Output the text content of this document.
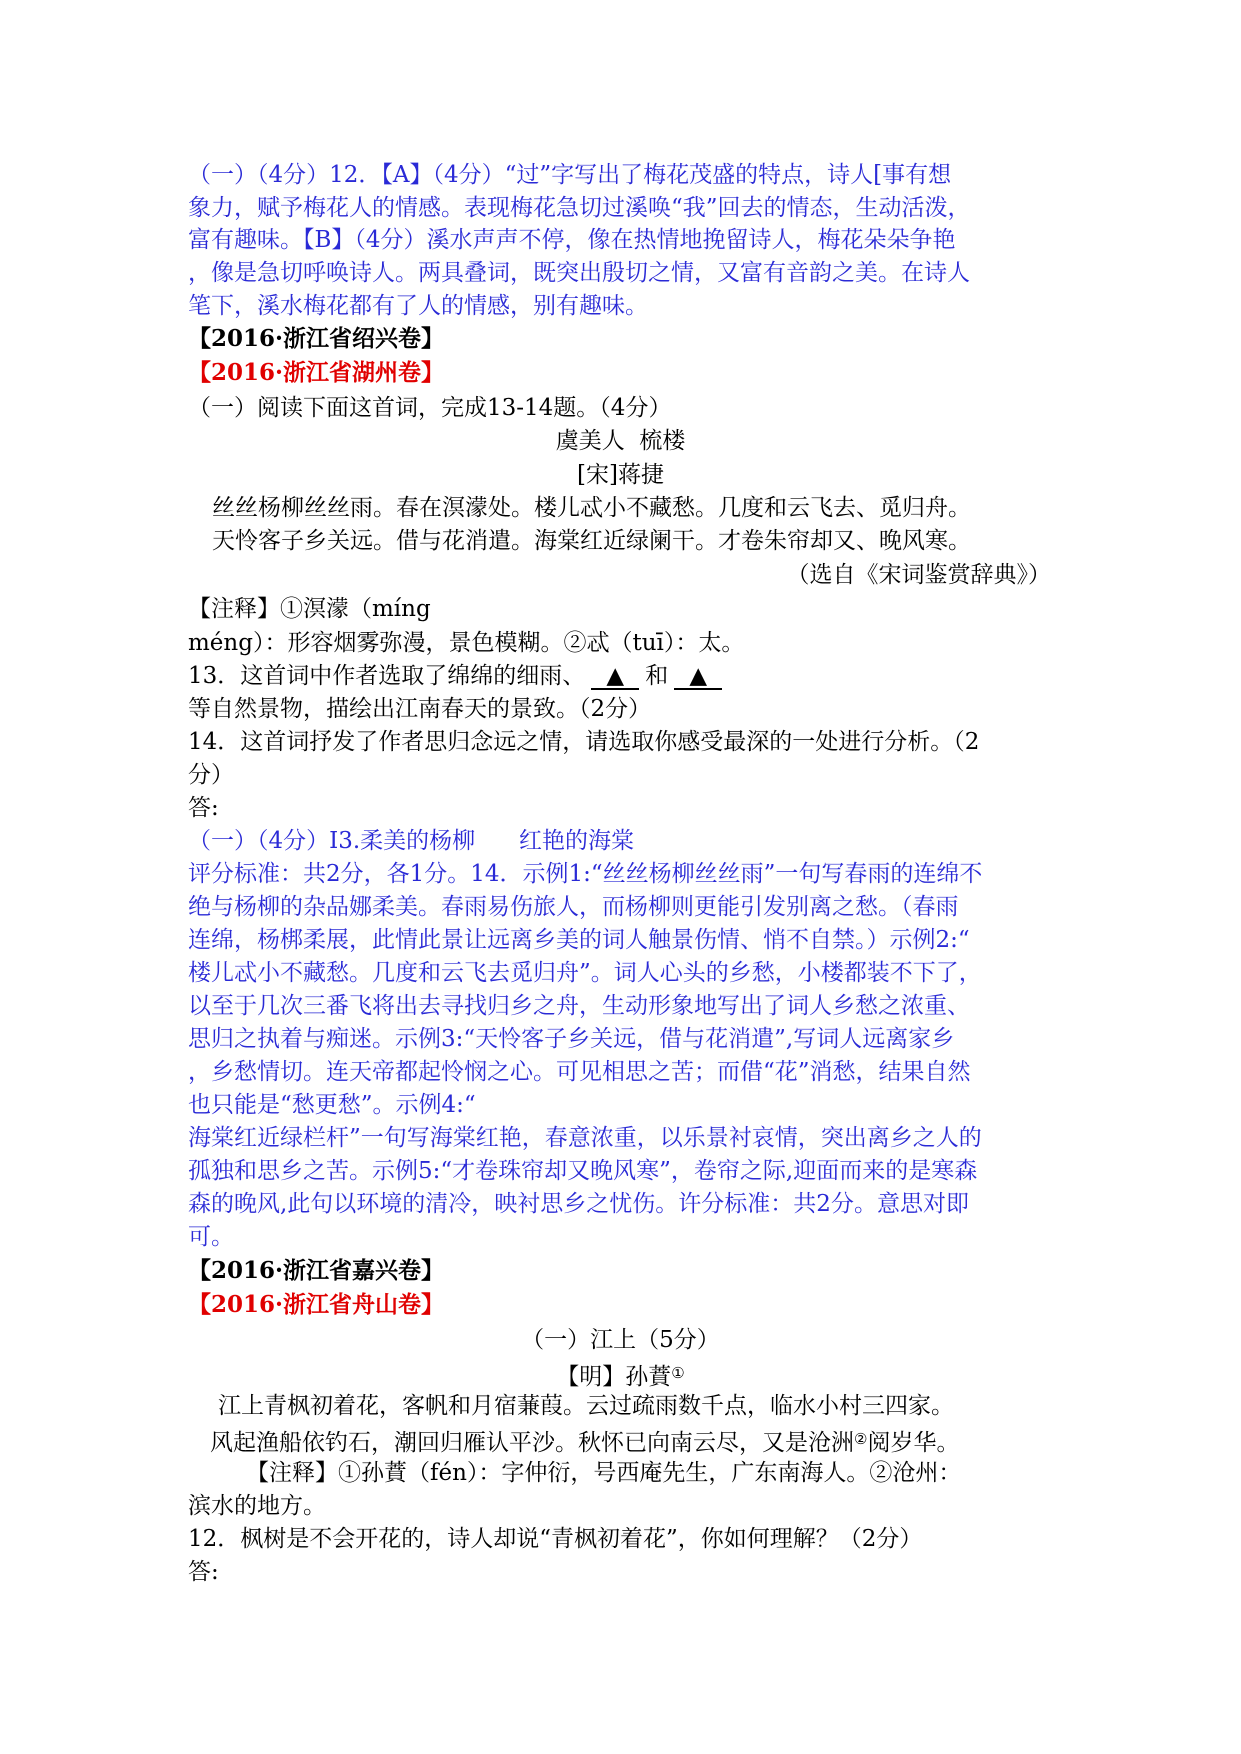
（一）（4分）12．【A】（4分）“过”字写出了梅花茂盛的特点，诗人[事有想
象力，赋予梅花人的情感。表现梅花急切过溪唤“我”回去的情态，生动活泼，
富有趣味。【B】（4分）溪水声声不停，像在热情地挽留诗人，梅花朵朵争艳
，像是急切呼唤诗人。两具叠词，既突出殷切之情，又富有音韵之美。在诗人
笔下，溪水梅花都有了人的情感，别有趣味。
【2016·浙江省绍兴卷】
【2016·浙江省湖州卷】
（一）阅读下面这首词，完成13-14题。（4分）
虞美人  梳楼
[宋]蒋捷
丝丝杨柳丝丝雨。春在溟濛处。楼儿忒小不藏愁。几度和云飞去、觅归舟。
天怜客子乡关远。借与花消遣。海棠红近绿阑干。才卷朱帘却又、晚风寒。
（选自《宋词鉴赏辞典》）
【注释】①溟濛（míng
méng）：形容烟雾弥漫，景色模糊。②忒（tuī）：太。
13．这首词中作者选取了绵绵的细雨、 ▲ 和 ▲
等自然景物，描绘出江南春天的景致。（2分）
14．这首词抒发了作者思归念远之情，请选取你感受最深的一处进行分析。（2
分）
答:
（一）（4分）I3.柔美的杨柳      红艳的海棠
评分标准：共2分，各1分。14．示例1:“丝丝杨柳丝丝雨”一句写春雨的连绵不
绝与杨柳的杂品娜柔美。春雨易伤旅人，而杨柳则更能引发别离之愁。（春雨
连绵，杨梆柔展，此情此景让远离乡美的词人触景伤情、悄不自禁。）示例2:“
楼儿忒小不藏愁。几度和云飞去觅归舟”。词人心头的乡愁，小楼都装不下了，
以至于几次三番飞将出去寻找归乡之舟，生动形象地写出了词人乡愁之浓重、
思归之执着与痴迷。示例3:“天怜客子乡关远，借与花消遣”,写词人远离家乡
，乡愁情切。连天帝都起怜悯之心。可见相思之苦；而借“花”消愁，结果自然
也只能是“愁更愁”。示例4:“
海棠红近绿栏杆”一句写海棠红艳，春意浓重，以乐景衬哀情，突出离乡之人的
孤独和思乡之苦。示例5:“才卷珠帘却又晚风寒”，卷帘之际,迎面而来的是寒森
森的晚风,此句以环境的清冷，映衬思乡之忧伤。许分标准：共2分。意思对即
可。
【2016·浙江省嘉兴卷】
【2016·浙江省舟山卷】
（一）江上（5分）
【明】孙蕡①
江上青枫初着花，客帆和月宿蒹葭。云过疏雨数千点，临水小村三四家。
风起渔船依钓石，潮回归雁认平沙。秋怀已向南云尽，又是沧洲②阅岁华。
【注释】①孙蕡（fén）：字仲衍，号西庵先生，广东南海人。②沧州：
滨水的地方。
12．枫树是不会开花的，诗人却说“青枫初着花”，你如何理解？（2分）
答:
